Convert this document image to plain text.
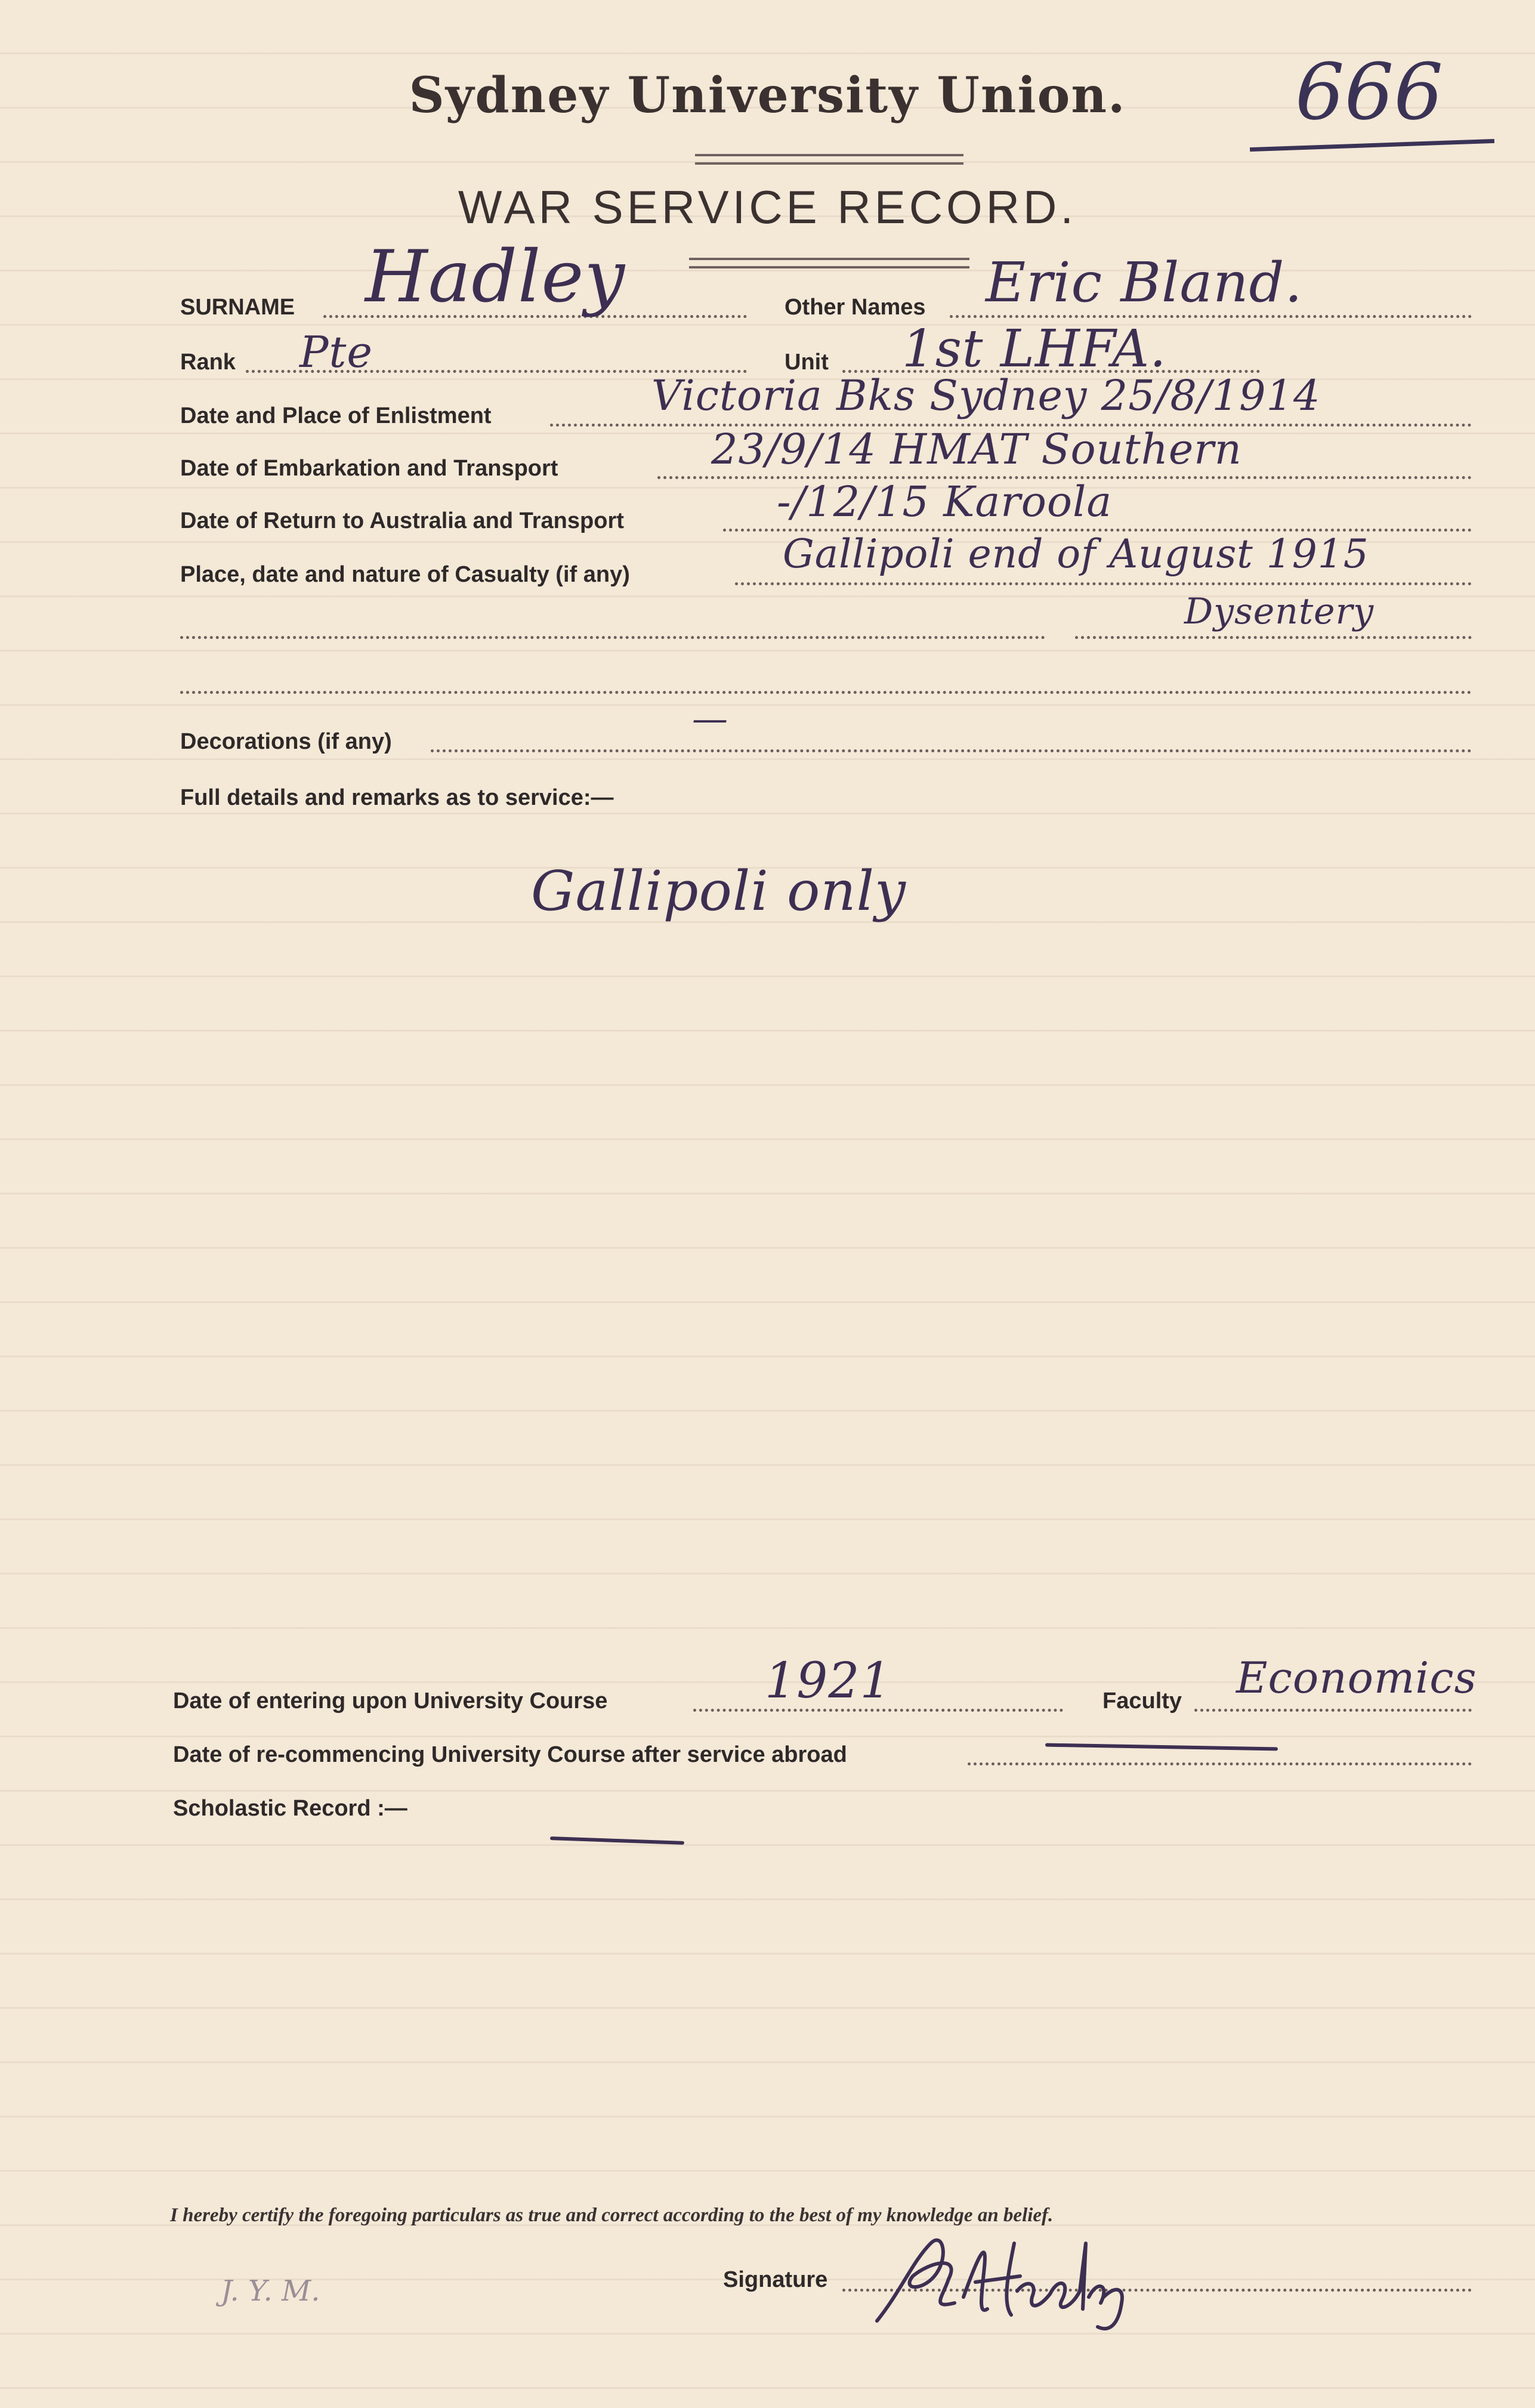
Sydney University Union.	666
WAR SERVICE RECORD.
SURNAME Hadley	Other Names Eric Bland.
Rank Pte	Unit 1st LHFA.
Date and Place of Enlistment	Victoria Bks Sydney 25/8/1914
Date of Embarkation and Transport	23/9/14 HMAT Southern
Date of Return to Australia and Transport	-/12/15 Karoola
Place, date and nature of Casualty (if any)	Gallipoli end of August 1915
Dysentery
Decorations (if any)
—
Full details and remarks as to service:—
Gallipoli only
Date of entering upon University Course	1921	Faculty Economics
Date of re-commencing University Course after service abroad
Scholastic Record :—
I hereby certify the foregoing particulars as true and correct according to the best of my knowledge an belief.
J. Y. M.	Signature
